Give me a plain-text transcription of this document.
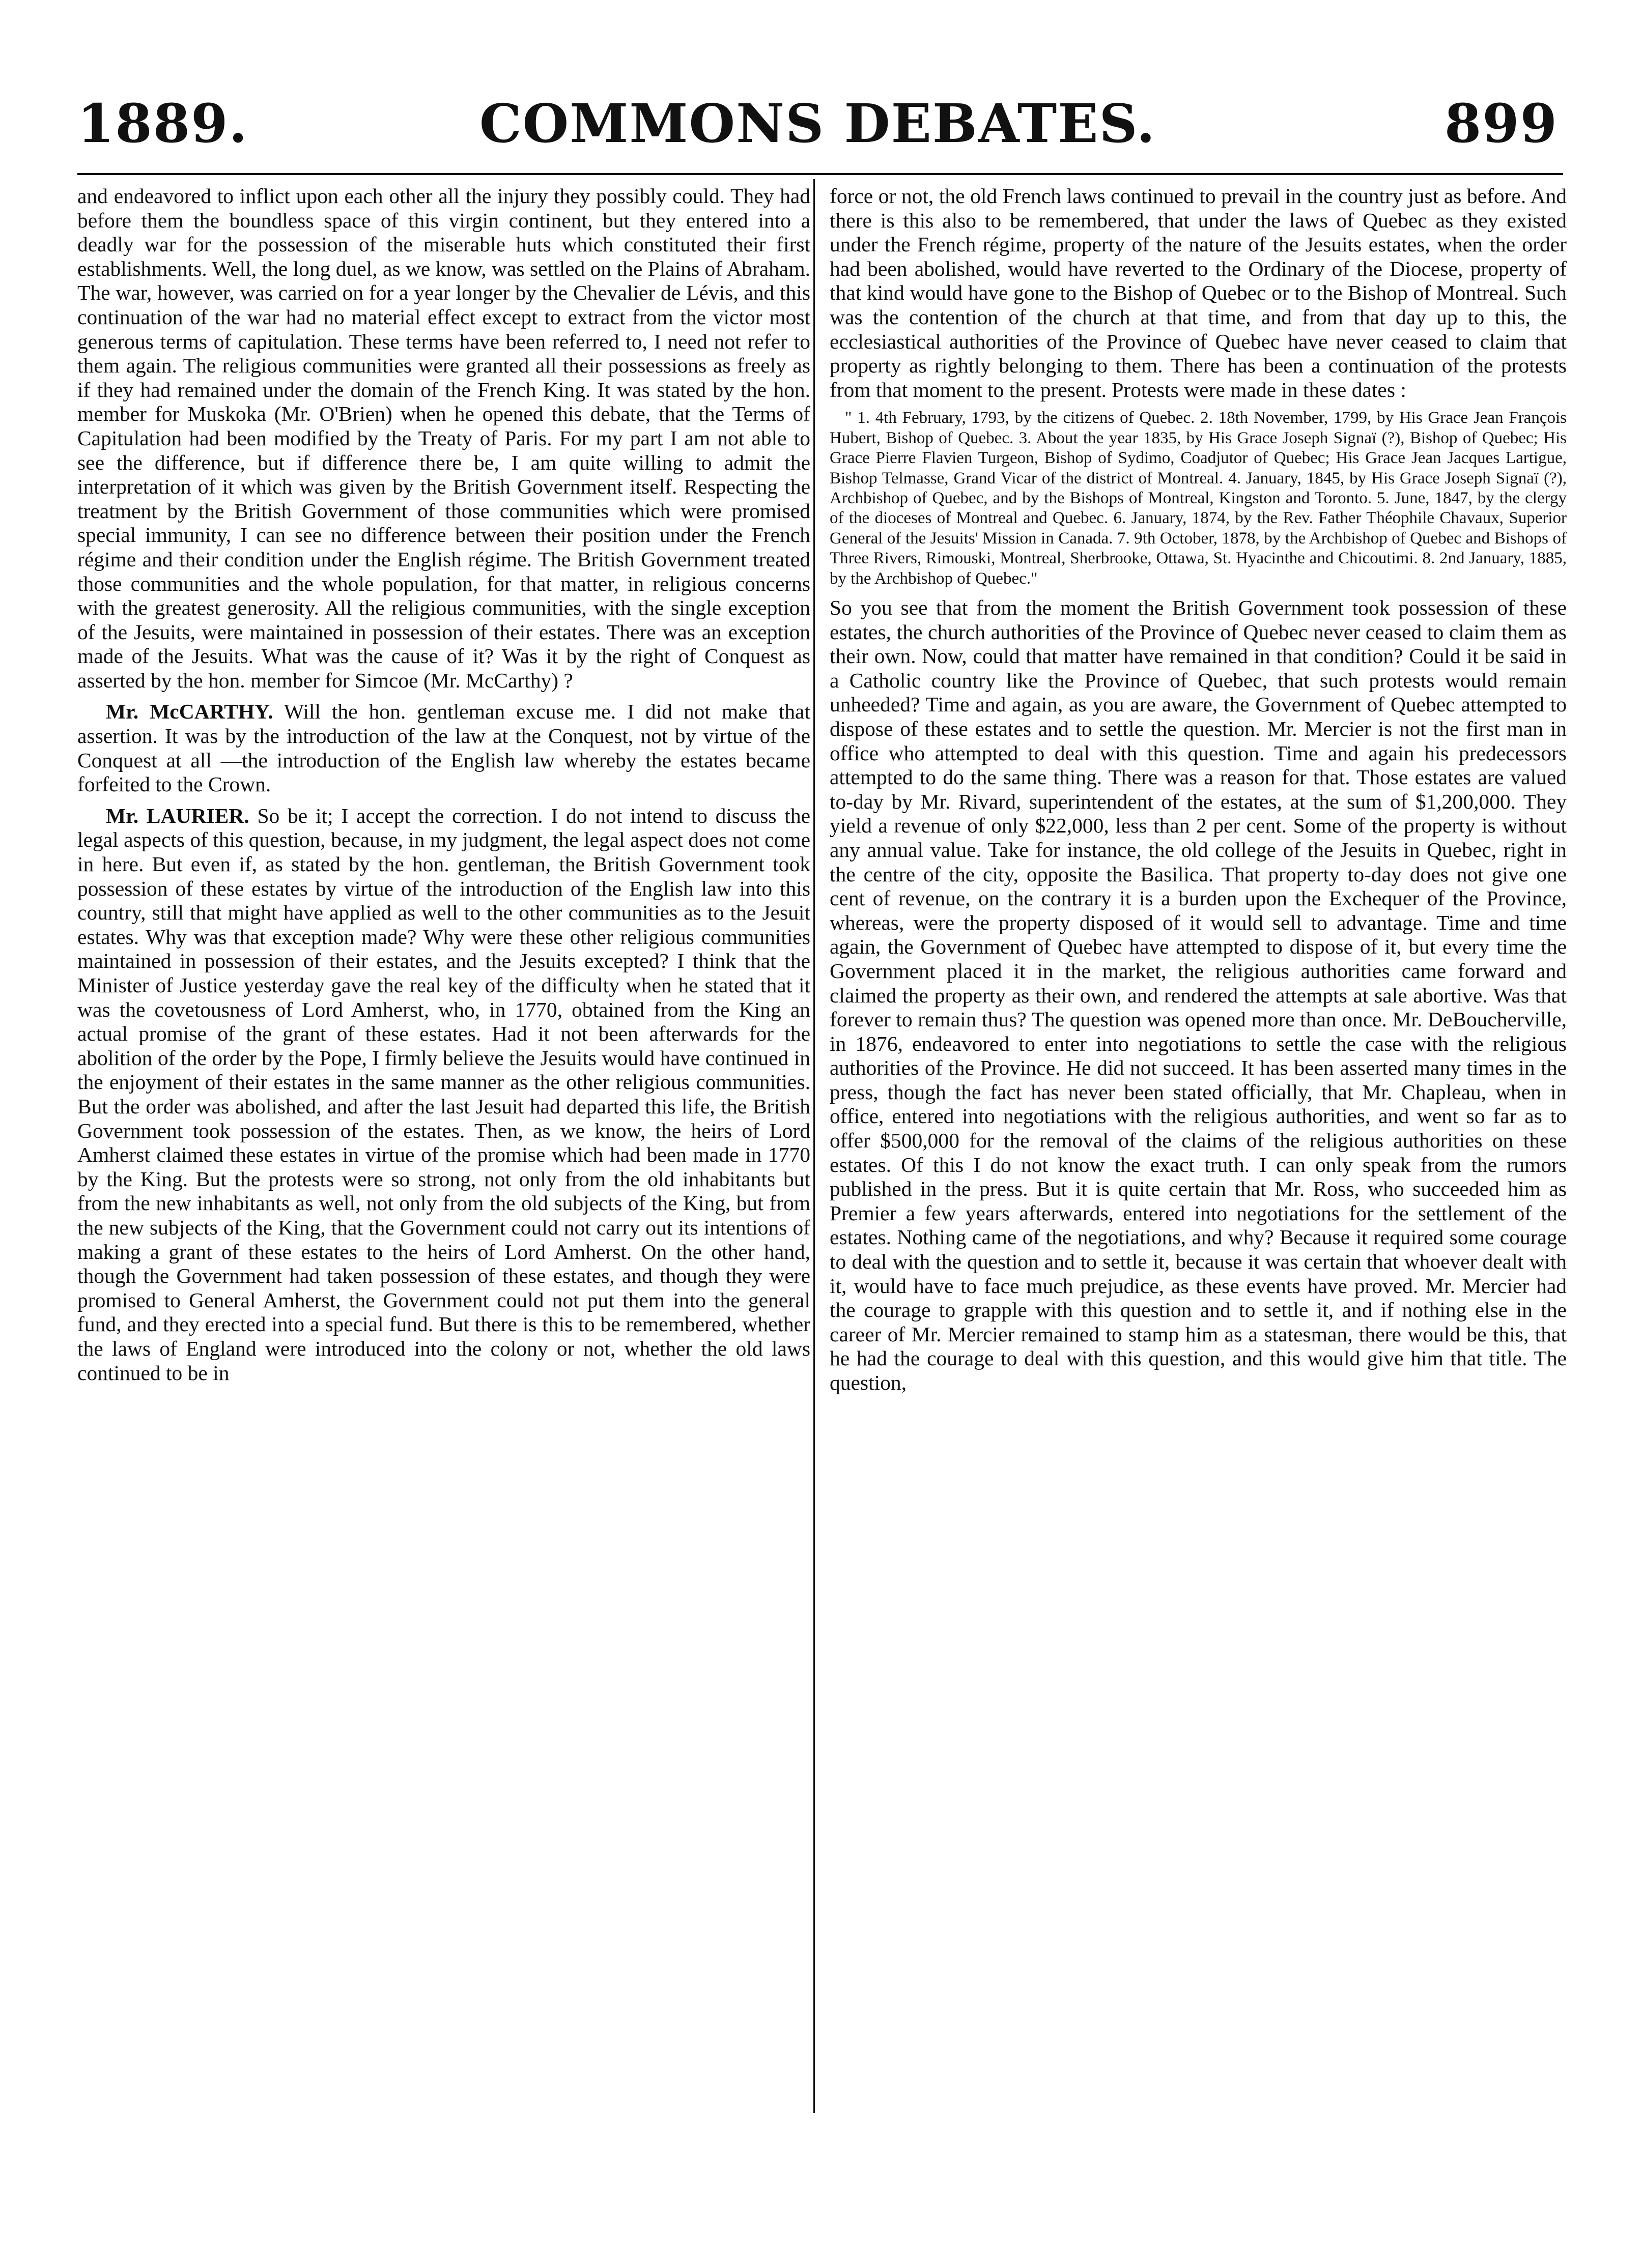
COMMONS DEBATES.
1889.	899

and endeavored to inflict upon each other all the injury they possibly could. They had before them the boundless space of this virgin continent, but they entered into a deadly war for the possession of the miserable huts which constituted their first establishments. Well, the long duel, as we know, was settled on the Plains of Abraham. The war, however, was carried on for a year longer by the Chevalier de Lévis, and this continuation of the war had no material effect except to extract from the victor most generous terms of capitulation. These terms have been referred to, I need not refer to them again. The religious communities were granted all their possessions as freely as if they had remained under the domain of the French King. It was stated by the hon. member for Muskoka (Mr. O'Brien) when he opened this debate, that the Terms of Capitulation had been modified by the Treaty of Paris. For my part I am not able to see the difference, but if difference there be, I am quite willing to admit the interpretation of it which was given by the British Government itself. Respecting the treatment by the British Government of those communities which were promised special immunity, I can see no difference between their position under the French régime and their condition under the English régime. The British Government treated those communities and the whole population, for that matter, in religious concerns with the greatest generosity. All the religious communities, with the single exception of the Jesuits, were maintained in possession of their estates. There was an exception made of the Jesuits. What was the cause of it? Was it by the right of Conquest as asserted by the hon. member for Simcoe (Mr. McCarthy) ?

Mr. McCARTHY. Will the hon. gentleman excuse me. I did not make that assertion. It was by the introduction of the law at the Conquest, not by virtue of the Conquest at all —the introduction of the English law whereby the estates became forfeited to the Crown.

Mr. LAURIER. So be it; I accept the correction. I do not intend to discuss the legal aspects of this question, because, in my judgment, the legal aspect does not come in here. But even if, as stated by the hon. gentleman, the British Government took possession of these estates by virtue of the introduction of the English law into this country, still that might have applied as well to the other communities as to the Jesuit estates. Why was that exception made? Why were these other religious communities maintained in possession of their estates, and the Jesuits excepted? I think that the Minister of Justice yesterday gave the real key of the difficulty when he stated that it was the covetousness of Lord Amherst, who, in 1770, obtained from the King an actual promise of the grant of these estates. Had it not been afterwards for the abolition of the order by the Pope, I firmly believe the Jesuits would have continued in the enjoyment of their estates in the same manner as the other religious communities. But the order was abolished, and after the last Jesuit had departed this life, the British Government took possession of the estates. Then, as we know, the heirs of Lord Amherst claimed these estates in virtue of the promise which had been made in 1770 by the King. But the protests were so strong, not only from the old inhabitants but from the new inhabitants as well, not only from the old subjects of the King, but from the new subjects of the King, that the Government could not carry out its intentions of making a grant of these estates to the heirs of Lord Amherst. On the other hand, though the Government had taken possession of these estates, and though they were promised to General Amherst, the Government could not put them into the general fund, and they erected into a special fund. But there is this to be remembered, whether the laws of England were introduced into the colony or not, whether the old laws continued to be in

force or not, the old French laws continued to prevail in the country just as before. And there is this also to be remembered, that under the laws of Quebec as they existed under the French régime, property of the nature of the Jesuits estates, when the order had been abolished, would have reverted to the Ordinary of the Diocese, property of that kind would have gone to the Bishop of Quebec or to the Bishop of Montreal. Such was the contention of the church at that time, and from that day up to this, the ecclesiastical authorities of the Province of Quebec have never ceased to claim that property as rightly belonging to them. There has been a continuation of the protests from that moment to the present. Protests were made in these dates :

" 1. 4th February, 1793, by the citizens of Quebec. 2. 18th November, 1799, by His Grace Jean François Hubert, Bishop of Quebec. 3. About the year 1835, by His Grace Joseph Signaï (?), Bishop of Quebec; His Grace Pierre Flavien Turgeon, Bishop of Sydimo, Coadjutor of Quebec; His Grace Jean Jacques Lartigue, Bishop Telmasse, Grand Vicar of the district of Montreal. 4. January, 1845, by His Grace Joseph Signaï (?), Archbishop of Quebec, and by the Bishops of Montreal, Kingston and Toronto. 5. June, 1847, by the clergy of the dioceses of Montreal and Quebec. 6. January, 1874, by the Rev. Father Théophile Chavaux, Superior General of the Jesuits' Mission in Canada. 7. 9th October, 1878, by the Archbishop of Quebec and Bishops of Three Rivers, Rimouski, Montreal, Sherbrooke, Ottawa, St. Hyacinthe and Chicoutimi. 8. 2nd January, 1885, by the Archbishop of Quebec."

So you see that from the moment the British Government took possession of these estates, the church authorities of the Province of Quebec never ceased to claim them as their own. Now, could that matter have remained in that condition? Could it be said in a Catholic country like the Province of Quebec, that such protests would remain unheeded? Time and again, as you are aware, the Government of Quebec attempted to dispose of these estates and to settle the question. Mr. Mercier is not the first man in office who attempted to deal with this question. Time and again his predecessors attempted to do the same thing. There was a reason for that. Those estates are valued to-day by Mr. Rivard, superintendent of the estates, at the sum of $1,200,000. They yield a revenue of only $22,000, less than 2 per cent. Some of the property is without any annual value. Take for instance, the old college of the Jesuits in Quebec, right in the centre of the city, opposite the Basilica. That property to-day does not give one cent of revenue, on the contrary it is a burden upon the Exchequer of the Province, whereas, were the property disposed of it would sell to advantage. Time and time again, the Government of Quebec have attempted to dispose of it, but every time the Government placed it in the market, the religious authorities came forward and claimed the property as their own, and rendered the attempts at sale abortive. Was that forever to remain thus? The question was opened more than once. Mr. DeBoucherville, in 1876, endeavored to enter into negotiations to settle the case with the religious authorities of the Province. He did not succeed. It has been asserted many times in the press, though the fact has never been stated officially, that Mr. Chapleau, when in office, entered into negotiations with the religious authorities, and went so far as to offer $500,000 for the removal of the claims of the religious authorities on these estates. Of this I do not know the exact truth. I can only speak from the rumors published in the press. But it is quite certain that Mr. Ross, who succeeded him as Premier a few years afterwards, entered into negotiations for the settlement of the estates. Nothing came of the negotiations, and why? Because it required some courage to deal with the question and to settle it, because it was certain that whoever dealt with it, would have to face much prejudice, as these events have proved. Mr. Mercier had the courage to grapple with this question and to settle it, and if nothing else in the career of Mr. Mercier remained to stamp him as a statesman, there would be this, that he had the courage to deal with this question, and this would give him that title. The question,
